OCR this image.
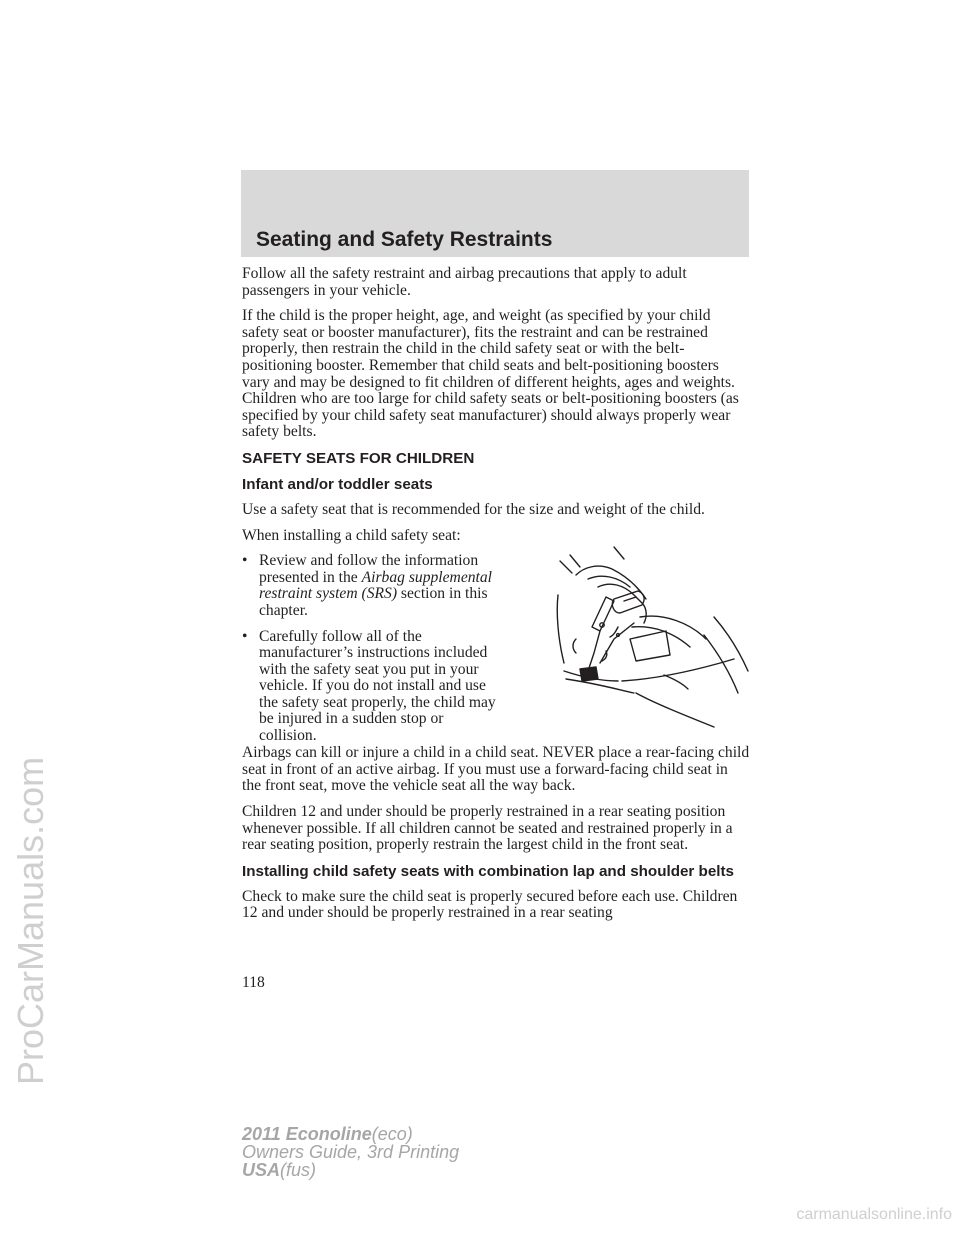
Seating and Safety Restraints
ProCarManuals.com

Follow all the safety restraint and airbag precautions that apply to adult passengers in your vehicle.

If the child is the proper height, age, and weight (as specified by your child safety seat or booster manufacturer), fits the restraint and can be restrained properly, then restrain the child in the child safety seat or with the belt-positioning booster. Remember that child seats and belt-positioning boosters vary and may be designed to fit children of different heights, ages and weights. Children who are too large for child safety seats or belt-positioning boosters (as specified by your child safety seat manufacturer) should always properly wear safety belts.

SAFETY SEATS FOR CHILDREN
Infant and/or toddler seats

Use a safety seat that is recommended for the size and weight of the child.

When installing a child safety seat:

• Review and follow the information presented in the Airbag supplemental restraint system (SRS) section in this chapter.
• Carefully follow all of the manufacturer’s instructions included with the safety seat you put in your vehicle. If you do not install and use the safety seat properly, the child may be injured in a sudden stop or collision.

Airbags can kill or injure a child in a child seat. NEVER place a rear-facing child seat in front of an active airbag. If you must use a forward-facing child seat in the front seat, move the vehicle seat all the way back.

Children 12 and under should be properly restrained in a rear seating position whenever possible. If all children cannot be seated and restrained properly in a rear seating position, properly restrain the largest child in the front seat.

Installing child safety seats with combination lap and shoulder belts

Check to make sure the child seat is properly secured before each use. Children 12 and under should be properly restrained in a rear seating

118
2011 Econoline(eco)
Owners Guide, 3rd Printing
USA(fus)
carmanualsonline.info
